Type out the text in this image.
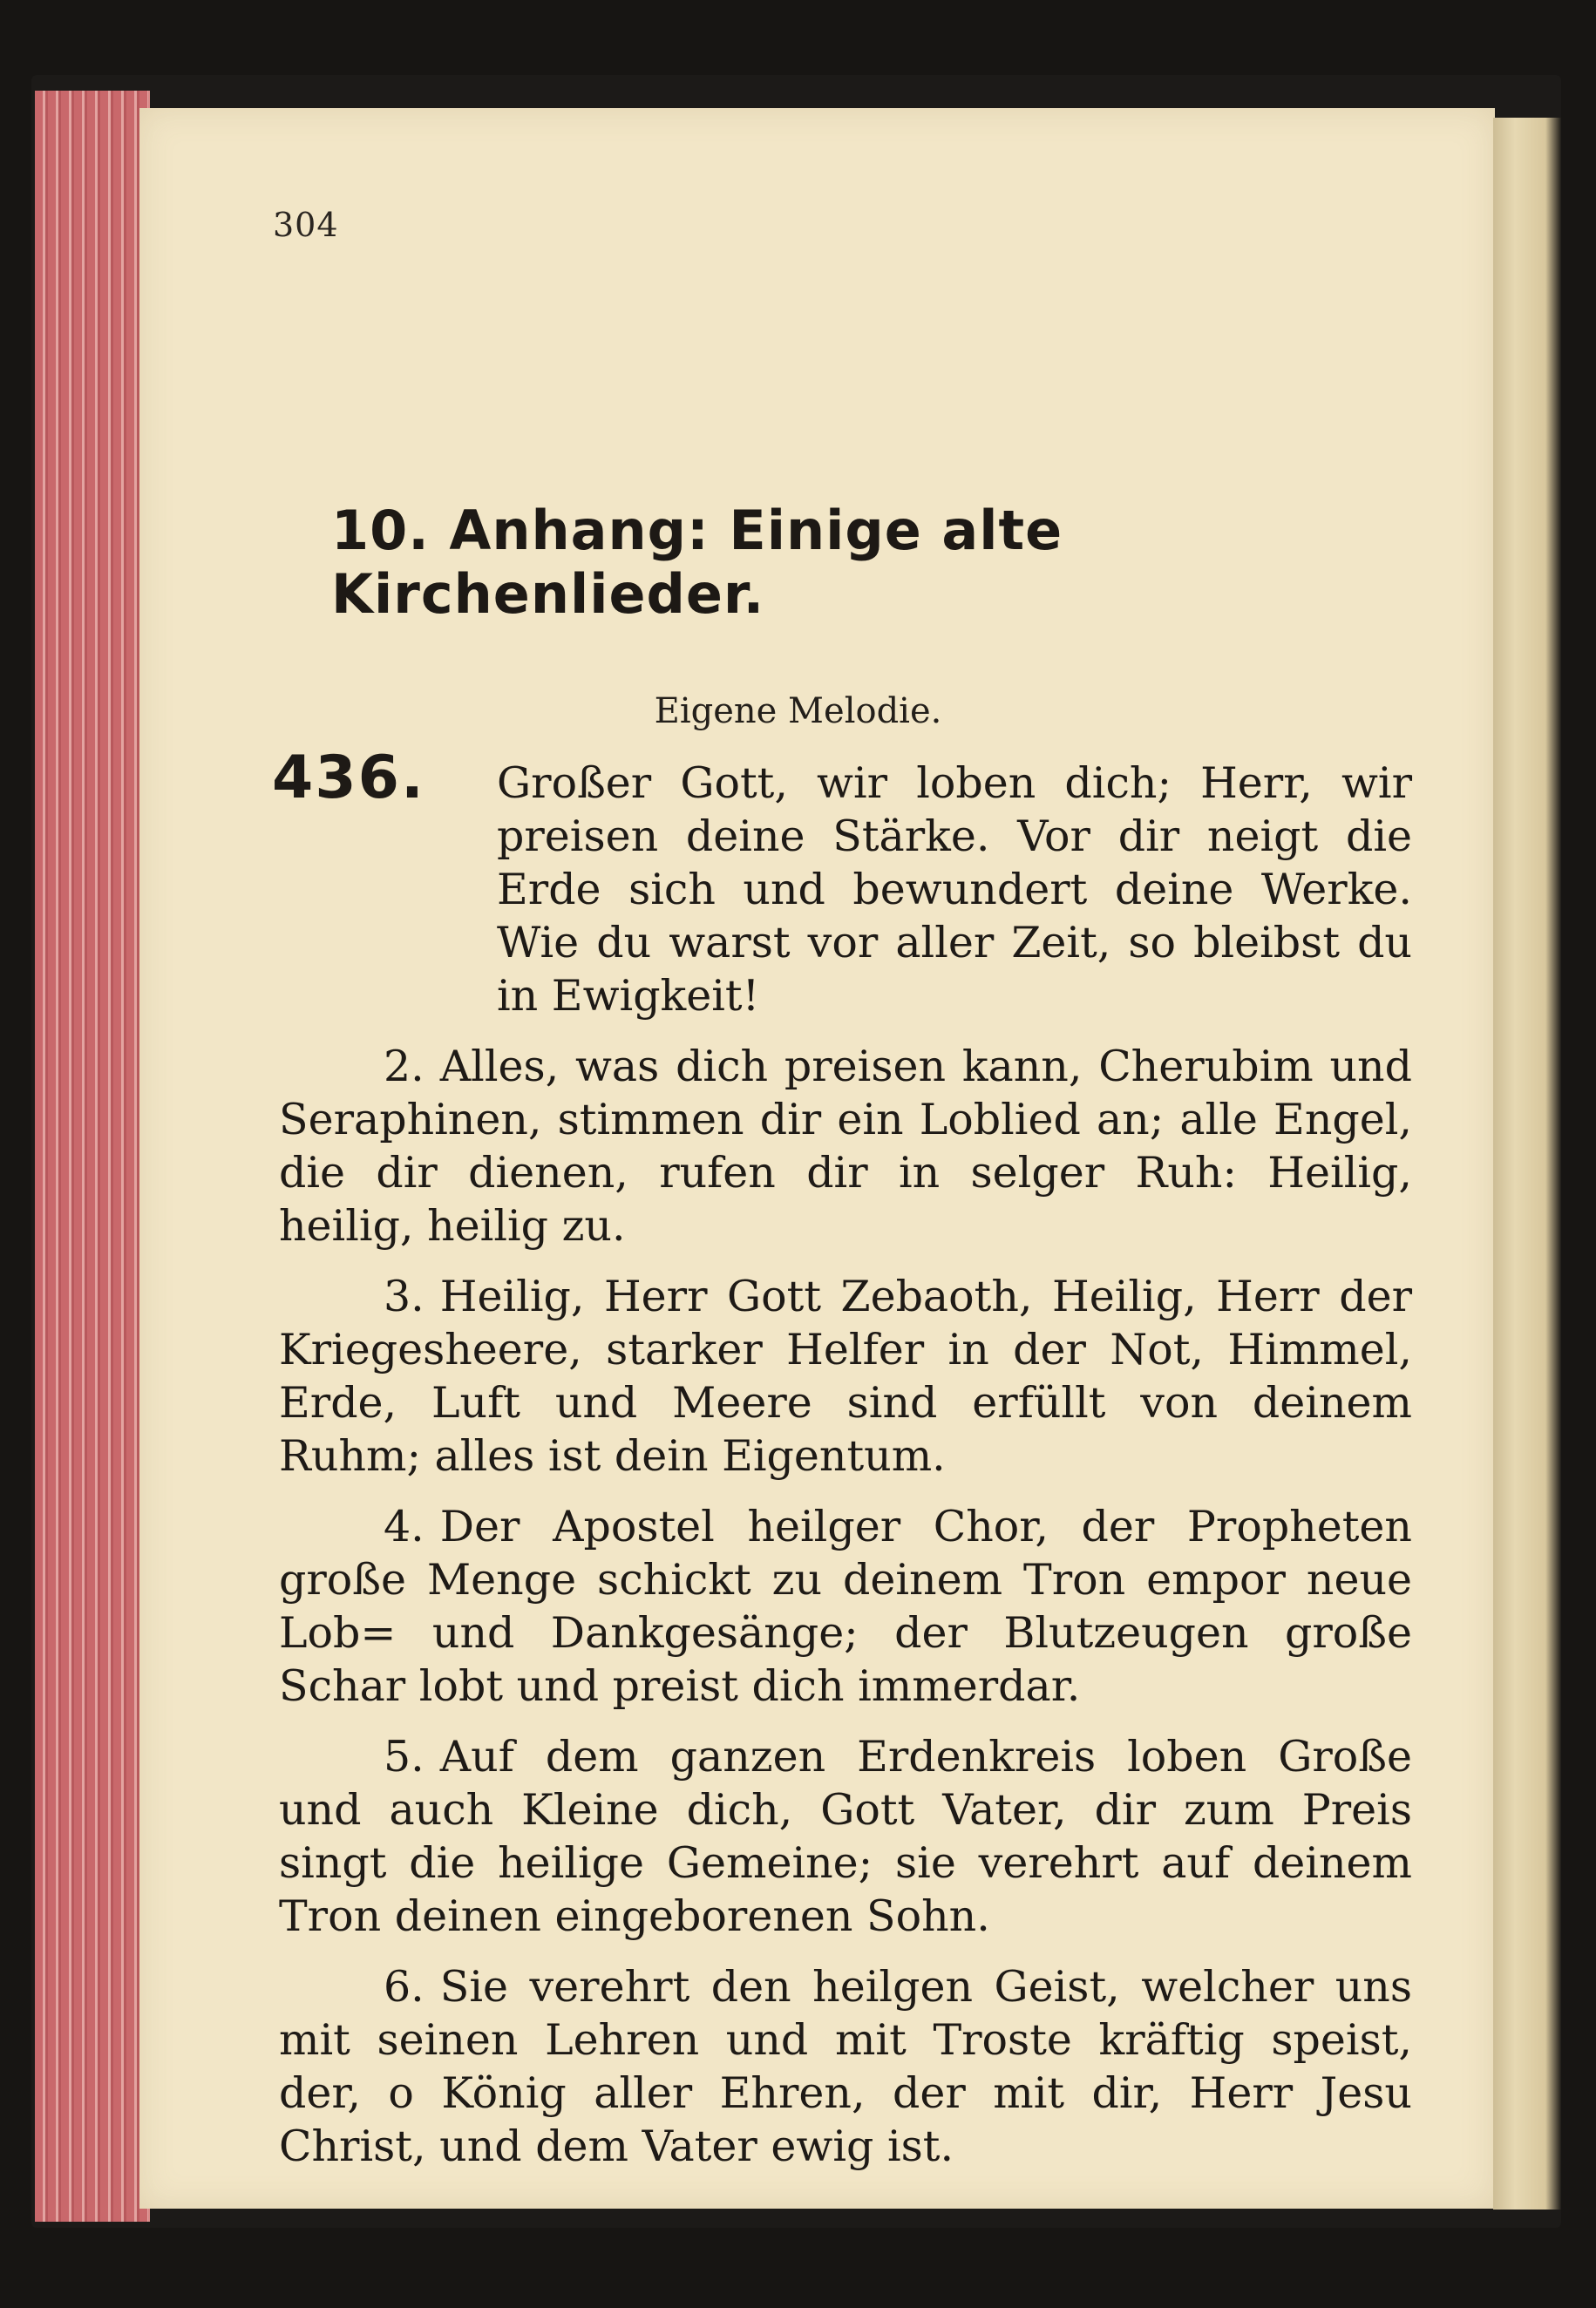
304
10. Anhang: Einige alte Kirchenlieder.
Eigene Melodie.
436.	Großer Gott, wir loben dich; Herr, wir preisen deine Stärke. Vor dir neigt die Erde sich und bewundert deine Werke. Wie du warst vor aller Zeit, so bleibst du in Ewigkeit!

2. Alles, was dich preisen kann, Cherubim und Seraphinen, stimmen dir ein Loblied an; alle Engel, die dir dienen, rufen dir in selger Ruh: Heilig, heilig, heilig zu.

3. Heilig, Herr Gott Zebaoth, Heilig, Herr der Kriegesheere, starker Helfer in der Not, Himmel, Erde, Luft und Meere sind erfüllt von deinem Ruhm; alles ist dein Eigentum.

4. Der Apostel heilger Chor, der Propheten große Menge schickt zu deinem Tron empor neue Lob= und Dankgesänge; der Blutzeugen große Schar lobt und preist dich immerdar.

5. Auf dem ganzen Erdenkreis loben Große und auch Kleine dich, Gott Vater, dir zum Preis singt die heilige Gemeine; sie verehrt auf deinem Tron deinen eingeborenen Sohn.

6. Sie verehrt den heilgen Geist, welcher uns mit seinen Lehren und mit Troste kräftig speist, der, o König aller Ehren, der mit dir, Herr Jesu Christ, und dem Vater ewig ist.
